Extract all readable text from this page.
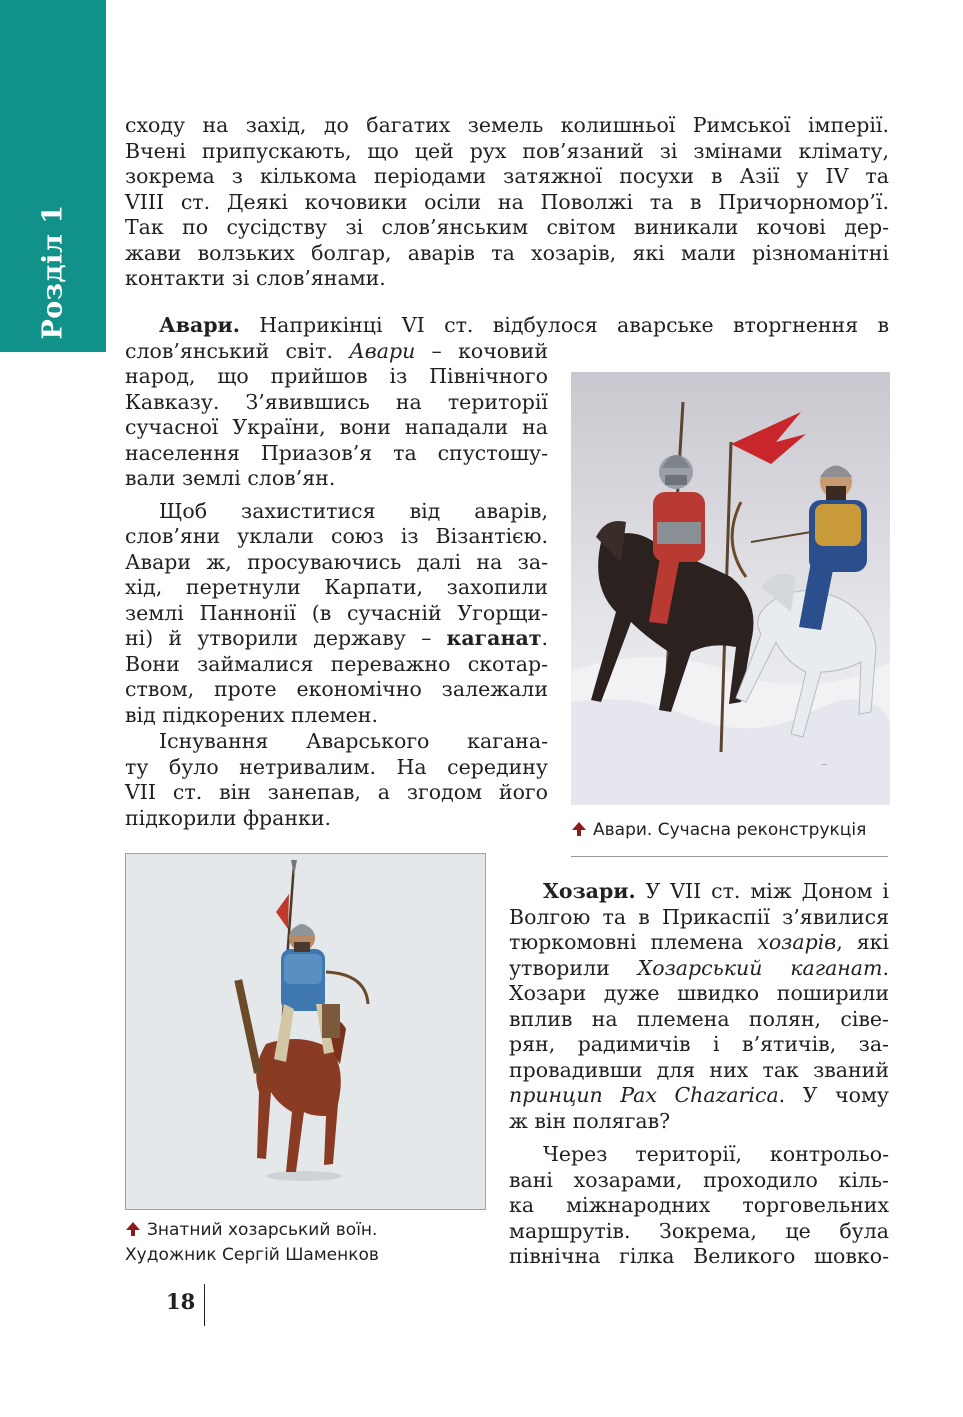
Розділ 1
сходу на захід, до багатих земель колишньої Римської імперії.
Вчені припускають, що цей рух пов’язаний зі змінами клімату,
зокрема з кількома періодами затяжної посухи в Азії у IV та
VIII ст. Деякі кочовики осіли на Поволжі та в Причорномор’ї.
Так по сусідству зі слов’янським світом виникали кочові дер-
жави волзьких болгар, аварів та хозарів, які мали різноманітні
контакти зі слов’янами.
Авари. Наприкінці VI ст. відбулося аварське вторгнення в
слов’янський світ. Авари – кочовий
народ, що прийшов із Північного
Кавказу. З’явившись на території
сучасної України, вони нападали на
населення Приазов’я та спустошу-
вали землі слов’ян.
Щоб захиститися від аварів,
слов’яни уклали союз із Візантією.
Авари ж, просуваючись далі на за-
хід, перетнули Карпати, захопили
землі Паннонії (в сучасній Угорщи-
ні) й утворили державу – каганат.
Вони займалися переважно скотар-
ством, проте економічно залежали
від підкорених племен.
Існування Аварського кагана-
ту було нетривалим. На середину
VII ст. він занепав, а згодом його
підкорили франки.
~
Авари. Сучасна реконструкція
Знатний хозарський воїн.
Художник Сергій Шаменков
Хозари. У VII ст. між Доном і
Волгою та в Прикаспії з’явилися
тюркомовні племена хозарів, які
утворили Хозарський каганат.
Хозари дуже швидко поширили
вплив на племена полян, сіве-
рян, радимичів і в’ятичів, за-
провадивши для них так званий
принцип Pax Chazarica. У чому
ж він полягав?
Через території, контрольо-
вані хозарами, проходило кіль-
ка міжнародних торговельних
маршрутів. Зокрема, це була
північна гілка Великого шовко-
18
